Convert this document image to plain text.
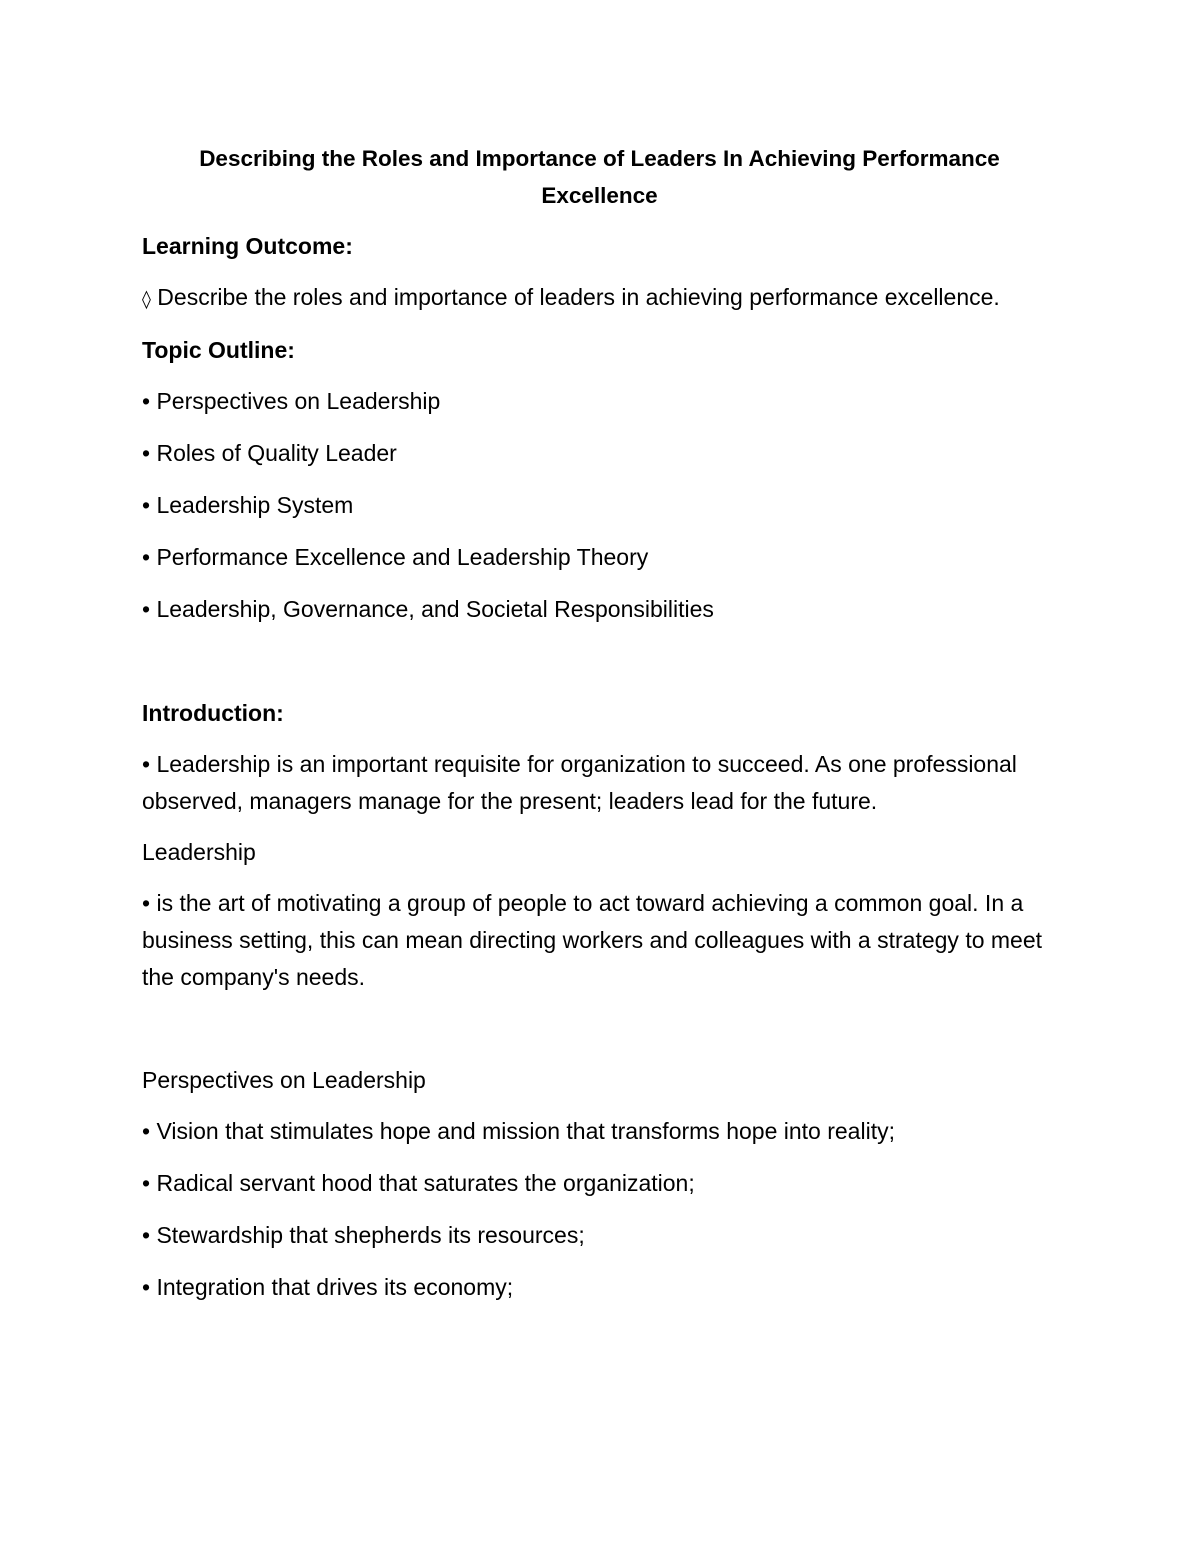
Describing the Roles and Importance of Leaders In Achieving Performance Excellence
Learning Outcome:
◊ Describe the roles and importance of leaders in achieving performance excellence.
Topic Outline:
• Perspectives on Leadership
• Roles of Quality Leader
• Leadership System
• Performance Excellence and Leadership Theory
• Leadership, Governance, and Societal Responsibilities
Introduction:
• Leadership is an important requisite for organization to succeed. As one professional observed, managers manage for the present; leaders lead for the future.
Leadership
• is the art of motivating a group of people to act toward achieving a common goal. In a business setting, this can mean directing workers and colleagues with a strategy to meet the company's needs.
Perspectives on Leadership
• Vision that stimulates hope and mission that transforms hope into reality;
• Radical servant hood that saturates the organization;
• Stewardship that shepherds its resources;
• Integration that drives its economy;
